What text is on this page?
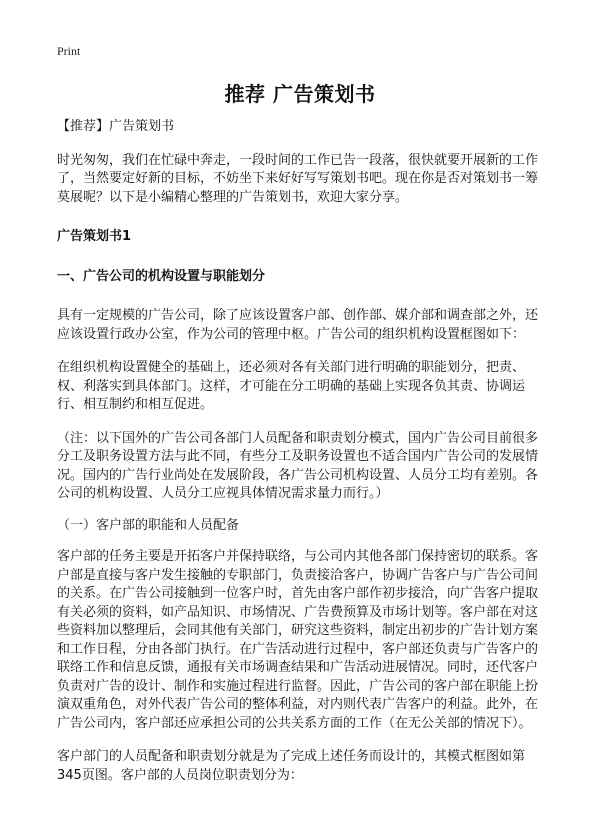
Print
推荐 广告策划书

【推荐】广告策划书

时光匆匆，我们在忙碌中奔走，一段时间的工作已告一段落，很快就要开展新的工作了，当然要定好新的目标，不妨坐下来好好写写策划书吧。现在你是否对策划书一筹莫展呢？以下是小编精心整理的广告策划书，欢迎大家分享。

广告策划书1

一、广告公司的机构设置与职能划分

具有一定规模的广告公司，除了应该设置客户部、创作部、媒介部和调查部之外，还应该设置行政办公室，作为公司的管理中枢。广告公司的组织机构设置框图如下：

在组织机构设置健全的基础上，还必须对各有关部门进行明确的职能划分，把责、权、利落实到具体部门。这样，才可能在分工明确的基础上实现各负其责、协调运行、相互制约和相互促进。

（注：以下国外的广告公司各部门人员配备和职责划分模式，国内广告公司目前很多分工及职务设置方法与此不同，有些分工及职务设置也不适合国内广告公司的发展情况。国内的广告行业尚处在发展阶段，各广告公司机构设置、人员分工均有差别。各公司的机构设置、人员分工应视具体情况需求量力而行。）

（一）客户部的职能和人员配备

客户部的任务主要是开拓客户并保持联络，与公司内其他各部门保持密切的联系。客户部是直接与客户发生接触的专职部门，负责接洽客户，协调广告客户与广告公司间的关系。在广告公司接触到一位客户时，首先由客户部作初步接洽，向广告客户提取有关必须的资料，如产品知识、市场情况、广告费预算及市场计划等。客户部在对这些资料加以整理后，会同其他有关部门，研究这些资料，制定出初步的广告计划方案和工作日程，分由各部门执行。在广告活动进行过程中，客户部还负责与广告客户的联络工作和信息反馈，通报有关市场调查结果和广告活动进展情况。同时，还代客户负责对广告的设计、制作和实施过程进行监督。因此，广告公司的客户部在职能上扮演双重角色，对外代表广告公司的整体利益，对内则代表广告客户的利益。此外，在广告公司内，客户部还应承担公司的公共关系方面的工作（在无公关部的情况下）。

客户部门的人员配备和职责划分就是为了完成上述任务而设计的，其模式框图如第345页图。客户部的人员岗位职责划分为：
